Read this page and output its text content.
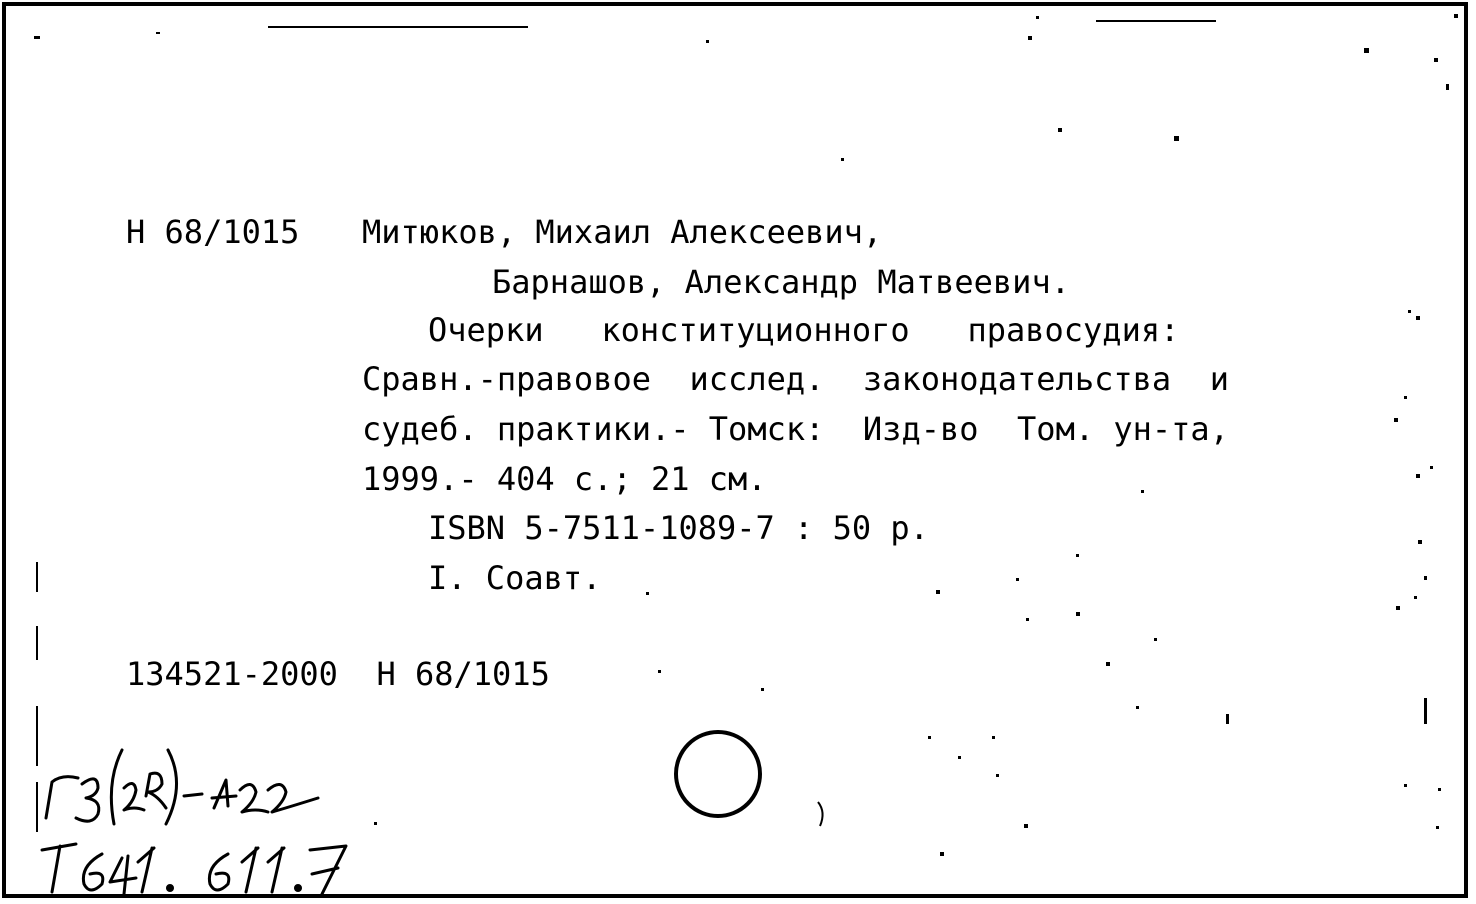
Н 68/1015 Митюков, Михаил Алексеевич,
Барнашов, Александр Матвеевич.
Очерки   конституционного   правосудия:
Сравн.-правовое  исслед.  законодательства  и
судеб. практики.- Томск:  Изд-во  Том. ун-та,
1999.- 404 с.; 21 см.
ISBN 5-7511-1089-7 : 50 р.
I. Соавт.
134521-2000  Н 68/1015
